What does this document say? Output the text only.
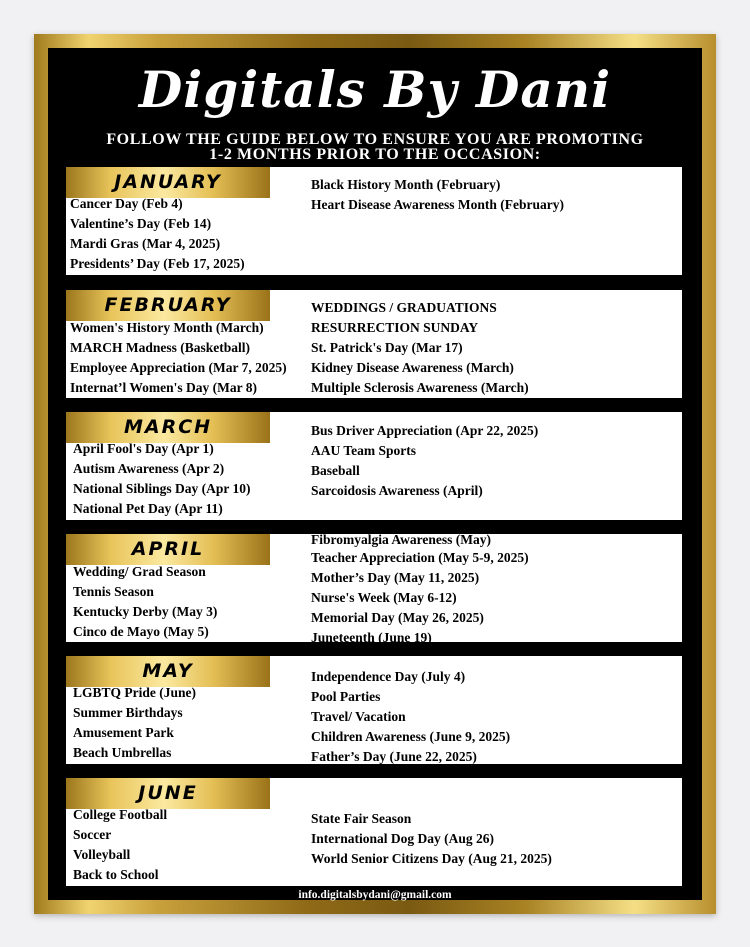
Digitals By Dani
FOLLOW THE GUIDE BELOW TO ENSURE YOU ARE PROMOTING
1-2 MONTHS PRIOR TO THE OCCASION:
JANUARY
Cancer Day (Feb 4)
Valentine’s Day (Feb 14)
Mardi Gras (Mar 4, 2025)
Presidents’ Day (Feb 17, 2025)
Black History Month (February)
Heart Disease Awareness Month (February)
FEBRUARY
Women's History Month (March)
MARCH Madness (Basketball)
Employee Appreciation (Mar 7, 2025)
Internat’l Women's Day (Mar 8)
WEDDINGS / GRADUATIONS
RESURRECTION SUNDAY
St. Patrick's Day (Mar 17)
Kidney Disease Awareness (March)
Multiple Sclerosis Awareness (March)
MARCH
April Fool's Day (Apr 1)
Autism Awareness (Apr 2)
National Siblings Day (Apr 10)
National Pet Day (Apr 11)
Bus Driver Appreciation (Apr 22, 2025)
AAU Team Sports
Baseball
Sarcoidosis Awareness (April)
APRIL
Wedding/ Grad Season
Tennis Season
Kentucky Derby (May 3)
Cinco de Mayo (May 5)
Fibromyalgia Awareness (May)
Teacher Appreciation (May 5-9, 2025)
Mother’s Day (May 11, 2025)
Nurse's Week (May 6-12)
Memorial Day (May 26, 2025)
Juneteenth (June 19)
MAY
LGBTQ Pride (June)
Summer Birthdays
Amusement Park
Beach Umbrellas
Independence Day (July 4)
Pool Parties
Travel/ Vacation
Children Awareness (June 9, 2025)
Father’s Day (June 22, 2025)
JUNE
College Football
Soccer
Volleyball
Back to School
State Fair Season
International Dog Day (Aug 26)
World Senior Citizens Day (Aug 21, 2025)
info.digitalsbydani@gmail.com
